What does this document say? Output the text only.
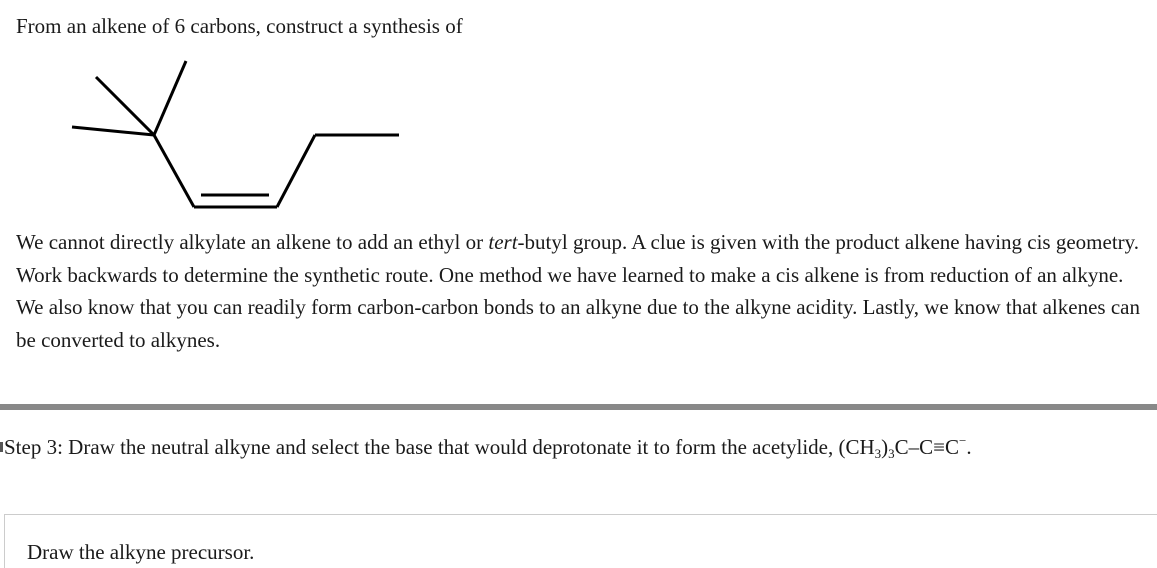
From an alkene of 6 carbons, construct a synthesis of

We cannot directly alkylate an alkene to add an ethyl or tert-butyl group. A clue is given with the product alkene having cis geometry. Work backwards to determine the synthetic route. One method we have learned to make a cis alkene is from reduction of an alkyne. We also know that you can readily form carbon-carbon bonds to an alkyne due to the alkyne acidity. Lastly, we know that alkenes can be converted to alkynes.

Step 3: Draw the neutral alkyne and select the base that would deprotonate it to form the acetylide, $(CH_3)_3C-C\equiv C^-$.

Draw the alkyne precursor.
